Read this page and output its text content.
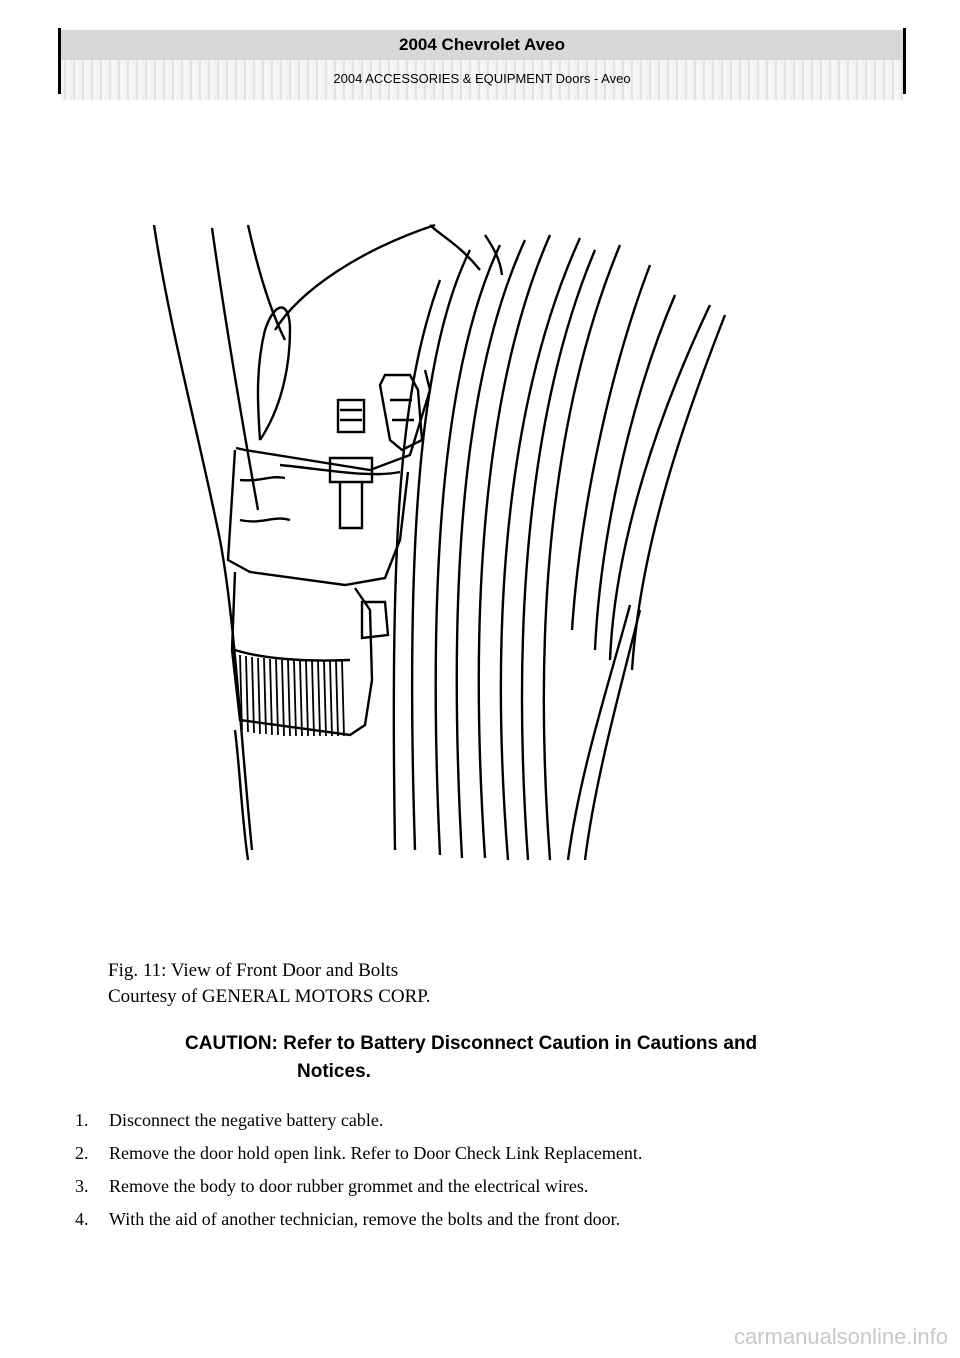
2004 Chevrolet Aveo
2004 ACCESSORIES & EQUIPMENT Doors - Aveo
Fig. 11: View of Front Door and Bolts
Courtesy of GENERAL MOTORS CORP.
CAUTION: Refer to Battery Disconnect Caution in Cautions and
Notices.
1. Disconnect the negative battery cable.
2. Remove the door hold open link. Refer to Door Check Link Replacement.
3. Remove the body to door rubber grommet and the electrical wires.
4. With the aid of another technician, remove the bolts and the front door.
carmanualsonline.info
